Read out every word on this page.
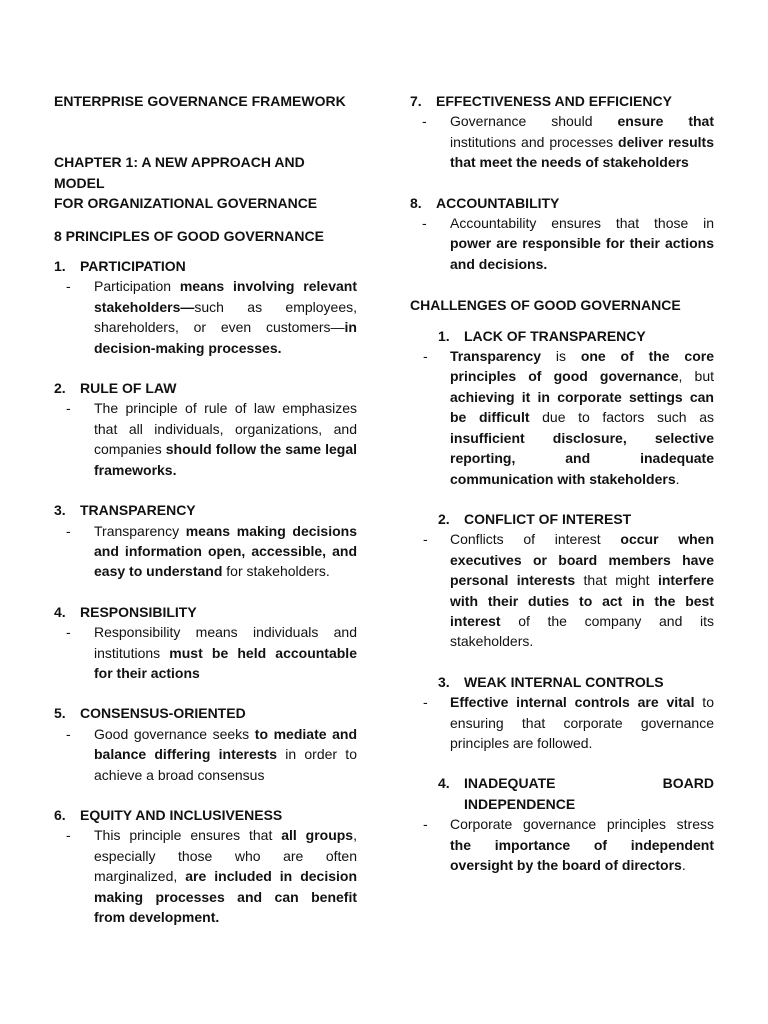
ENTERPRISE GOVERNANCE FRAMEWORK
CHAPTER 1: A NEW APPROACH AND MODEL
FOR ORGANIZATIONAL GOVERNANCE
8 PRINCIPLES OF GOOD GOVERNANCE
1.	PARTICIPATION
-	Participation means involving relevant stakeholders—such as employees, shareholders, or even customers—in decision-making processes.
2.	RULE OF LAW
-	The principle of rule of law emphasizes that all individuals, organizations, and companies should follow the same legal frameworks.
3.	TRANSPARENCY
-	Transparency means making decisions and information open, accessible, and easy to understand for stakeholders.
4.	RESPONSIBILITY
-	Responsibility means individuals and institutions must be held accountable for their actions
5.	CONSENSUS-ORIENTED
-	Good governance seeks to mediate and balance differing interests in order to achieve a broad consensus
6.	EQUITY AND INCLUSIVENESS
-	This principle ensures that all groups, especially those who are often marginalized, are included in decision making processes and can benefit from development.
7.	EFFECTIVENESS AND EFFICIENCY
-	Governance should ensure that institutions and processes deliver results that meet the needs of stakeholders
8.	ACCOUNTABILITY
-	Accountability ensures that those in power are responsible for their actions and decisions.
CHALLENGES OF GOOD GOVERNANCE
1.	LACK OF TRANSPARENCY
-	Transparency is one of the core principles of good governance, but achieving it in corporate settings can be difficult due to factors such as insufficient disclosure, selective reporting, and inadequate communication with stakeholders.
2.	CONFLICT OF INTEREST
-	Conflicts of interest occur when executives or board members have personal interests that might interfere with their duties to act in the best interest of the company and its stakeholders.
3.	WEAK INTERNAL CONTROLS
-	Effective internal controls are vital to ensuring that corporate governance principles are followed.
4.	INADEQUATE BOARD INDEPENDENCE
-	Corporate governance principles stress the importance of independent oversight by the board of directors.
